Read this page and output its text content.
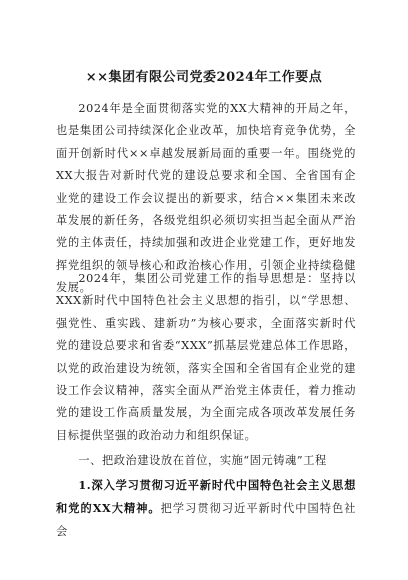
××集团有限公司党委2024年工作要点

2024年是全面贯彻落实党的XX大精神的开局之年，也是集团公司持续深化企业改革，加快培育竞争优势，全面开创新时代××卓越发展新局面的重要一年。围绕党的XX大报告对新时代党的建设总要求和全国、全省国有企业党的建设工作会议提出的新要求，结合××集团未来改革发展的新任务，各级党组织必须切实担当起全面从严治党的主体责任，持续加强和改进企业党建工作，更好地发挥党组织的领导核心和政治核心作用，引领企业持续稳健发展。

2024年，集团公司党建工作的指导思想是：坚持以XXX新时代中国特色社会主义思想的指引，以“学思想、强党性、重实践、建新功”为核心要求，全面落实新时代党的建设总要求和省委“XXX”抓基层党建总体工作思路，以党的政治建设为统领，落实全国和全省国有企业党的建设工作会议精神，落实全面从严治党主体责任，着力推动党的建设工作高质量发展，为全面完成各项改革发展任务目标提供坚强的政治动力和组织保证。

一、把政治建设放在首位，实施“固元铸魂”工程

1.深入学习贯彻习近平新时代中国特色社会主义思想和党的XX大精神。把学习贯彻习近平新时代中国特色社会
